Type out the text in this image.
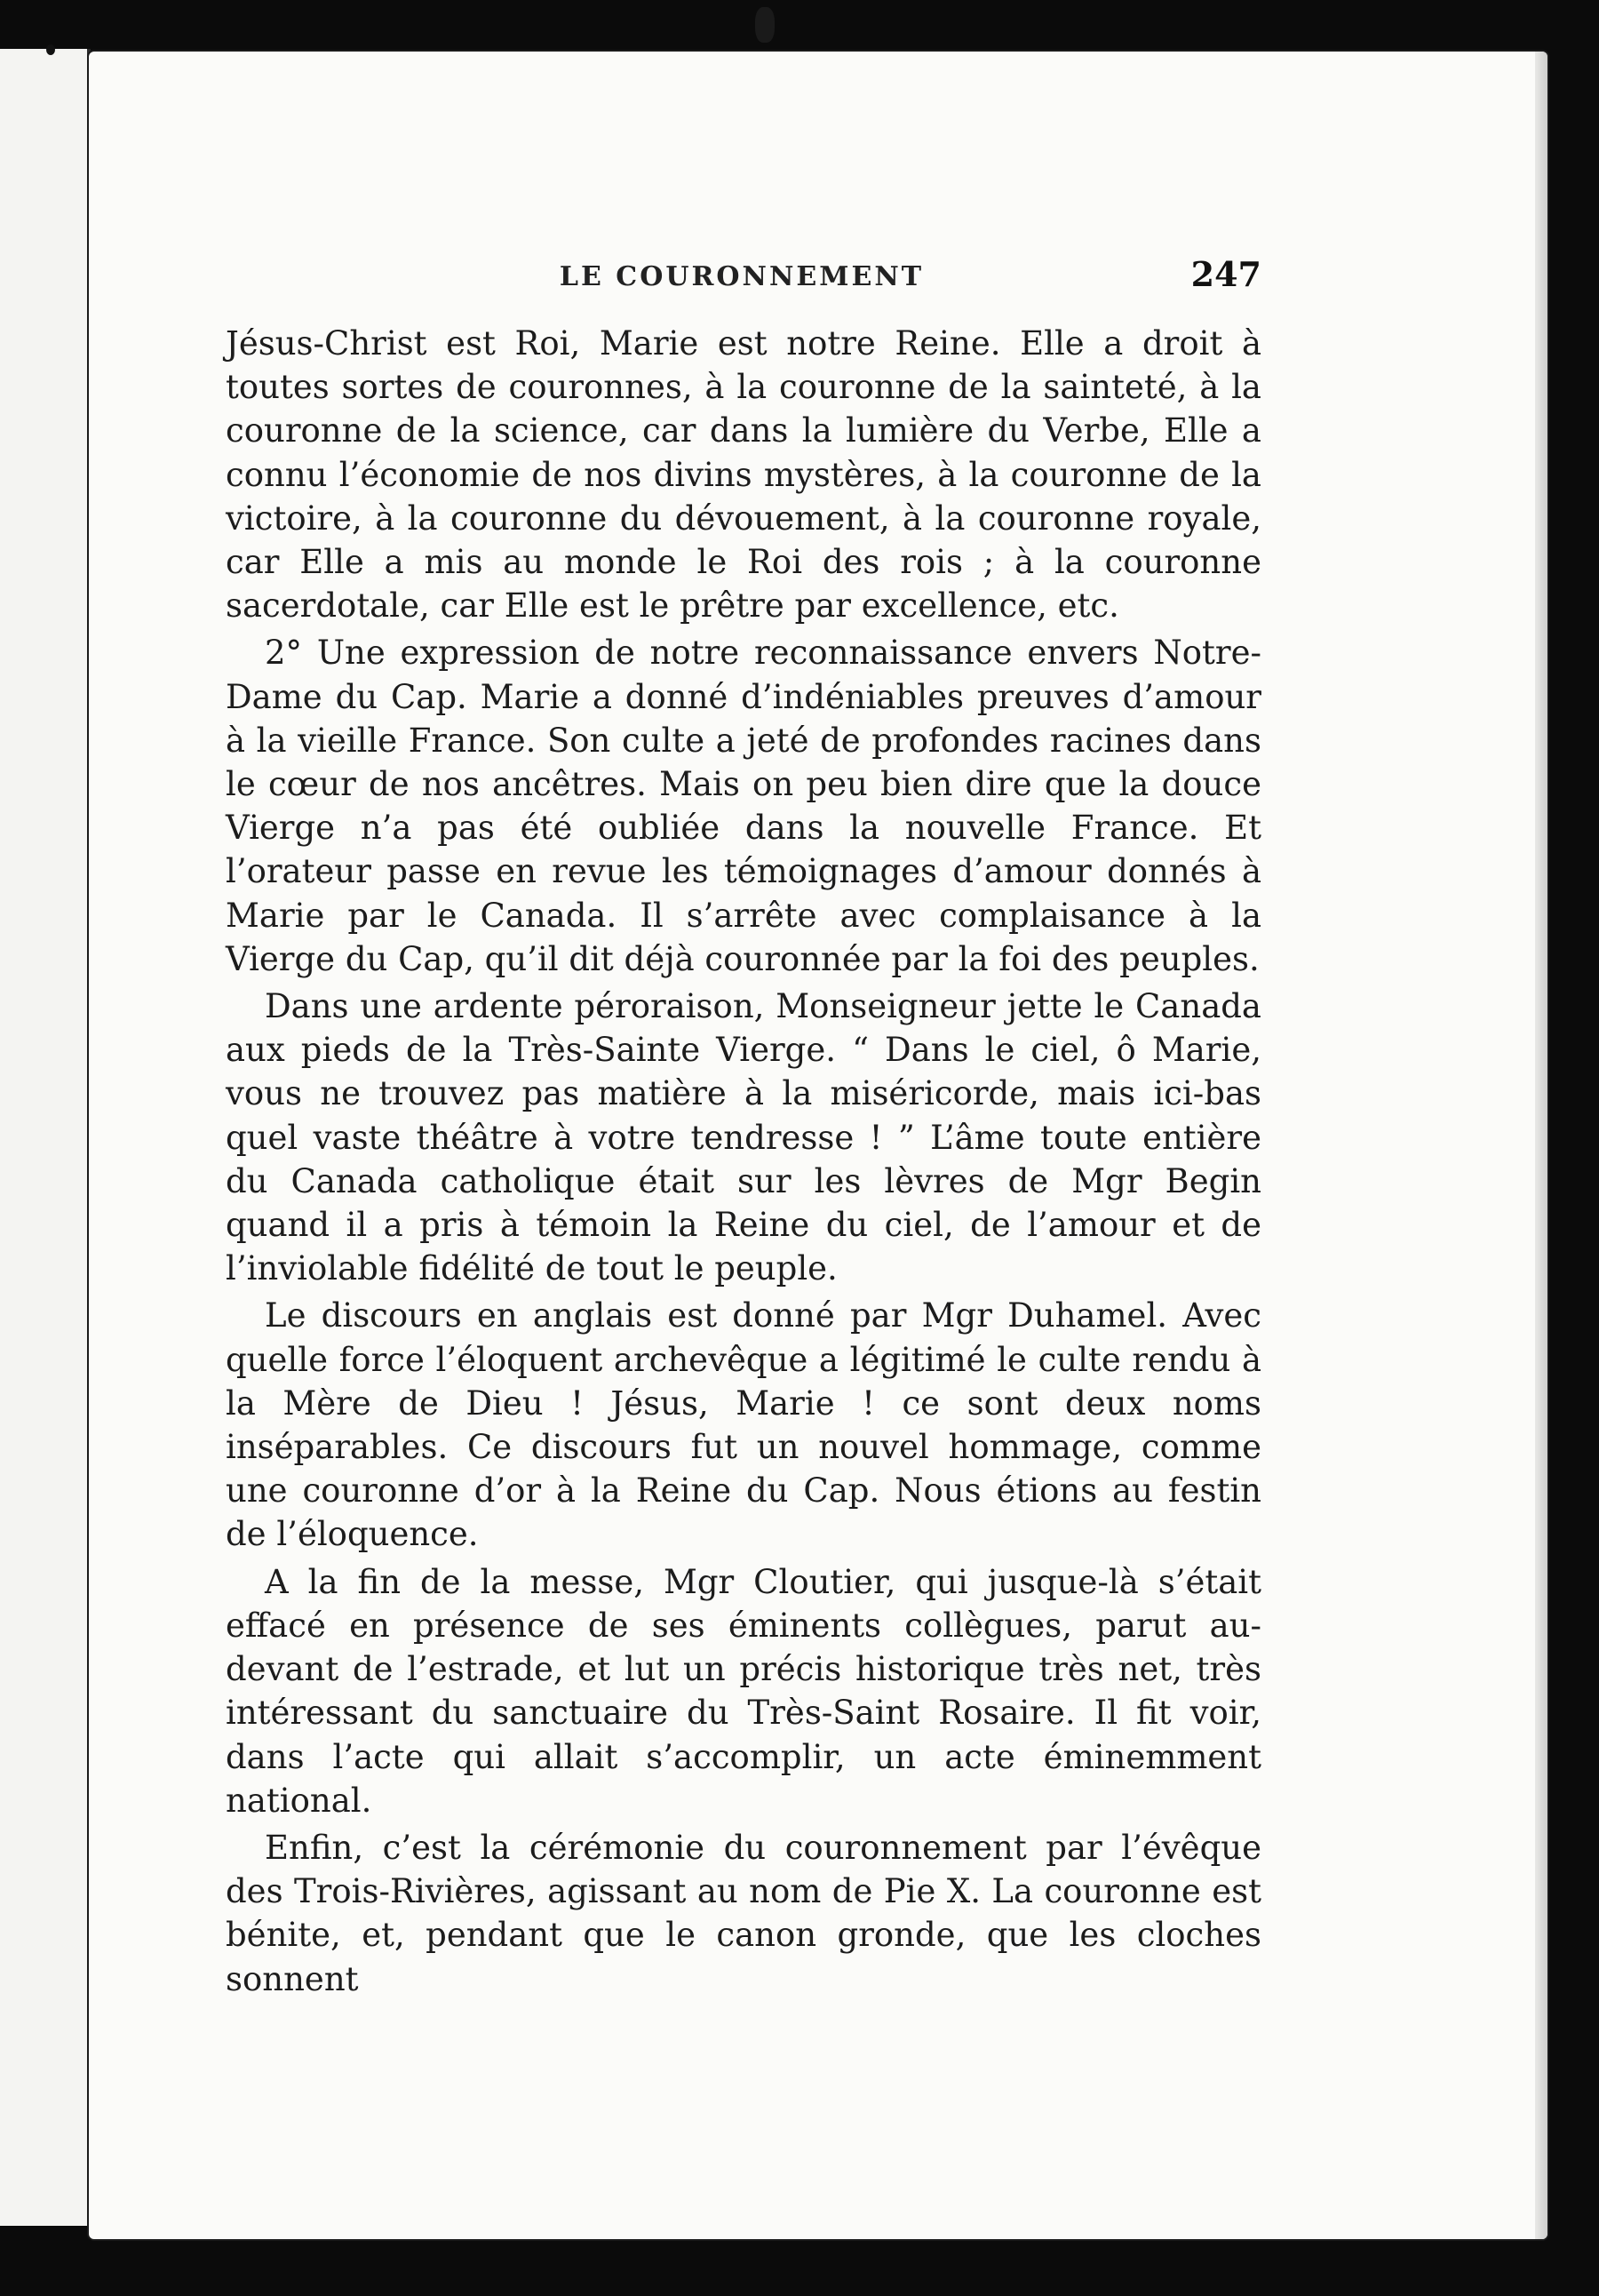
LE COURONNEMENT	247

Jésus-Christ est Roi, Marie est notre Reine. Elle a droit à toutes sortes de couronnes, à la couronne de la sainteté, à la couronne de la science, car dans la lumière du Verbe, Elle a connu l’économie de nos divins mystères, à la couronne de la victoire, à la couronne du dévouement, à la couronne royale, car Elle a mis au monde le Roi des rois ; à la couronne sacerdotale, car Elle est le prêtre par excellence, etc.

2° Une expression de notre reconnaissance envers Notre-Dame du Cap. Marie a donné d’indéniables preuves d’amour à la vieille France. Son culte a jeté de profondes racines dans le cœur de nos ancêtres. Mais on peu bien dire que la douce Vierge n’a pas été oubliée dans la nouvelle France. Et l’orateur passe en revue les témoignages d’amour donnés à Marie par le Canada. Il s’arrête avec complaisance à la Vierge du Cap, qu’il dit déjà couronnée par la foi des peuples.

Dans une ardente péroraison, Monseigneur jette le Canada aux pieds de la Très-Sainte Vierge. “ Dans le ciel, ô Marie, vous ne trouvez pas matière à la miséricorde, mais ici-bas quel vaste théâtre à votre tendresse ! ” L’âme toute entière du Canada catholique était sur les lèvres de Mgr Begin quand il a pris à témoin la Reine du ciel, de l’amour et de l’inviolable fidélité de tout le peuple.

Le discours en anglais est donné par Mgr Duhamel. Avec quelle force l’éloquent archevêque a légitimé le culte rendu à la Mère de Dieu ! Jésus, Marie ! ce sont deux noms inséparables. Ce discours fut un nouvel hommage, comme une couronne d’or à la Reine du Cap. Nous étions au festin de l’éloquence.

A la fin de la messe, Mgr Cloutier, qui jusque-là s’était effacé en présence de ses éminents collègues, parut au-devant de l’estrade, et lut un précis historique très net, très intéressant du sanctuaire du Très-Saint Rosaire. Il fit voir, dans l’acte qui allait s’accomplir, un acte éminemment national.

Enfin, c’est la cérémonie du couronnement par l’évêque des Trois-Rivières, agissant au nom de Pie X. La couronne est bénite, et, pendant que le canon gronde, que les cloches sonnent
